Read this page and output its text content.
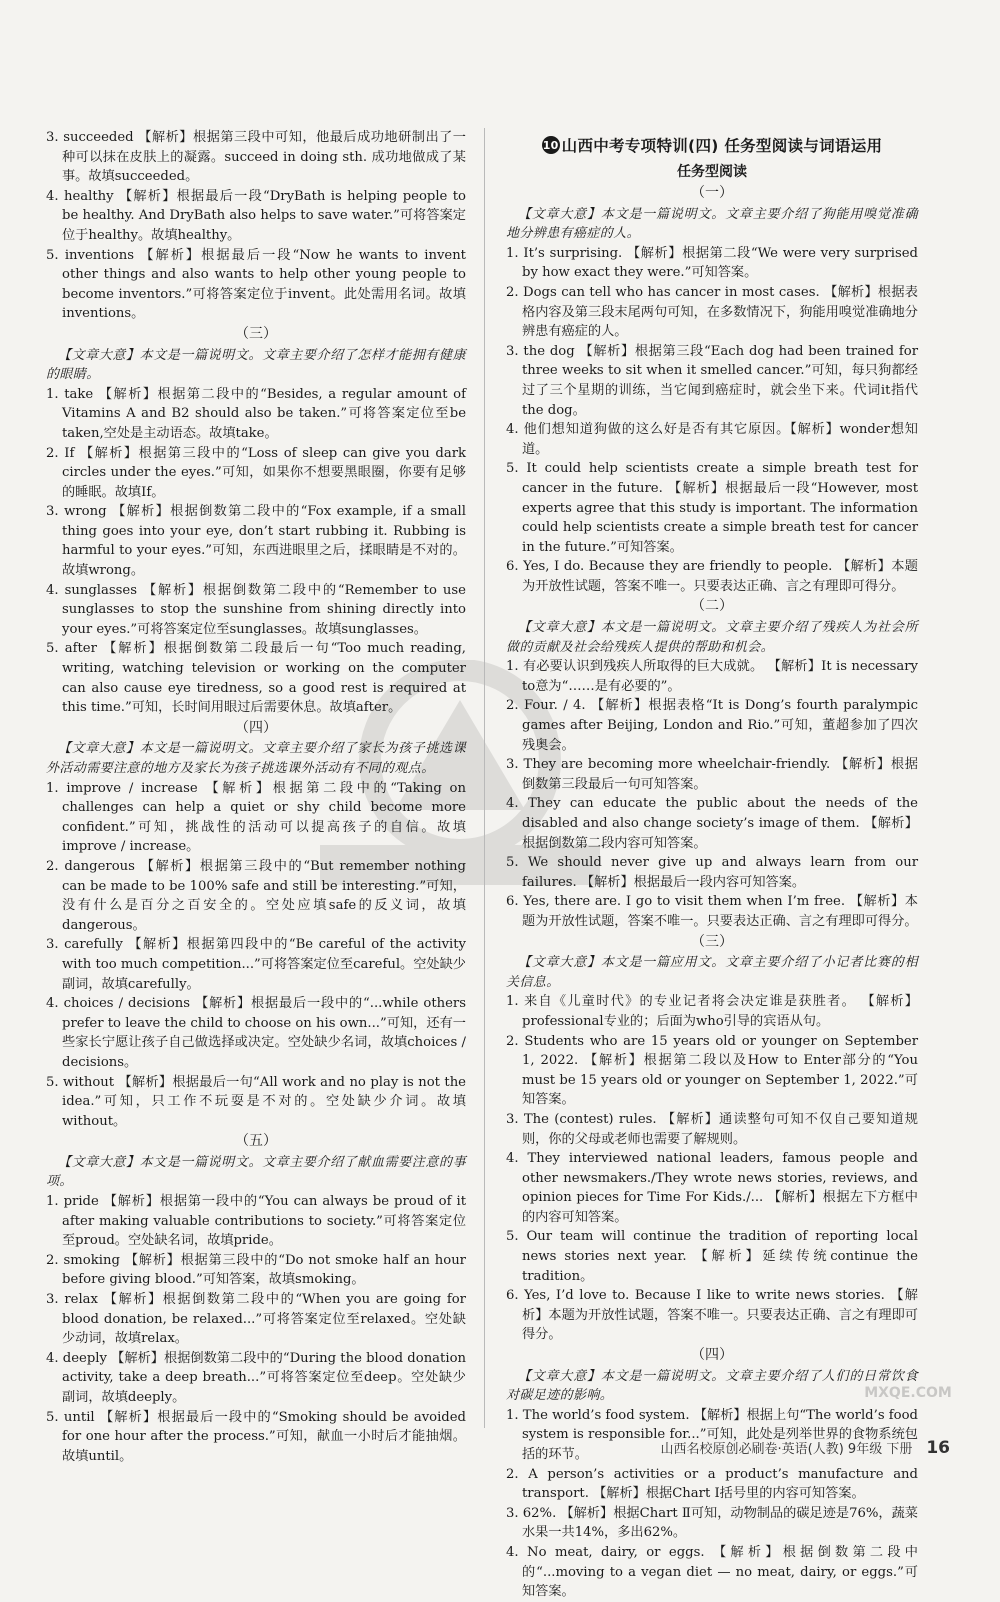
3. succeeded 【解析】根据第三段中可知，他最后成功地研制出了一种可以抹在皮肤上的凝露。succeed in doing sth. 成功地做成了某事。故填succeeded。

4. healthy 【解析】根据最后一段“DryBath is helping people to be healthy. And DryBath also helps to save water.”可将答案定位于healthy。故填healthy。

5. inventions 【解析】根据最后一段“Now he wants to invent other things and also wants to help other young people to become inventors.”可将答案定位于invent。此处需用名词。故填inventions。

（三）

【文章大意】本文是一篇说明文。文章主要介绍了怎样才能拥有健康的眼睛。

1. take 【解析】根据第二段中的“Besides, a regular amount of Vitamins A and B2 should also be taken.”可将答案定位至be taken,空处是主动语态。故填take。

2. If 【解析】根据第三段中的“Loss of sleep can give you dark circles under the eyes.”可知，如果你不想要黑眼圈，你要有足够的睡眠。故填If。

3. wrong 【解析】根据倒数第二段中的“Fox example, if a small thing goes into your eye, don’t start rubbing it. Rubbing is harmful to your eyes.”可知，东西进眼里之后，揉眼睛是不对的。故填wrong。

4. sunglasses 【解析】根据倒数第二段中的“Remember to use sunglasses to stop the sunshine from shining directly into your eyes.”可将答案定位至sunglasses。故填sunglasses。

5. after 【解析】根据倒数第二段最后一句“Too much reading, writing, watching television or working on the computer can also cause eye tiredness, so a good rest is required at this time.”可知，长时间用眼过后需要休息。故填after。

（四）

【文章大意】本文是一篇说明文。文章主要介绍了家长为孩子挑选课外活动需要注意的地方及家长为孩子挑选课外活动有不同的观点。

1. improve / increase 【解析】根据第二段中的“Taking on challenges can help a quiet or shy child become more confident.”可知，挑战性的活动可以提高孩子的自信。故填improve / increase。

2. dangerous 【解析】根据第三段中的“But remember nothing can be made to be 100% safe and still be interesting.”可知，没有什么是百分之百安全的。空处应填safe的反义词，故填dangerous。

3. carefully 【解析】根据第四段中的“Be careful of the activity with too much competition...”可将答案定位至careful。空处缺少副词，故填carefully。

4. choices / decisions 【解析】根据最后一段中的“...while others prefer to leave the child to choose on his own...”可知，还有一些家长宁愿让孩子自己做选择或决定。空处缺少名词，故填choices / decisions。

5. without 【解析】根据最后一句“All work and no play is not the idea.”可知，只工作不玩耍是不对的。空处缺少介词。故填without。

（五）

【文章大意】本文是一篇说明文。文章主要介绍了献血需要注意的事项。

1. pride 【解析】根据第一段中的“You can always be proud of it after making valuable contributions to society.”可将答案定位至proud。空处缺名词，故填pride。

2. smoking 【解析】根据第三段中的“Do not smoke half an hour before giving blood.”可知答案，故填smoking。

3. relax 【解析】根据倒数第二段中的“When you are going for blood donation, be relaxed...”可将答案定位至relaxed。空处缺少动词，故填relax。

4. deeply 【解析】根据倒数第二段中的“During the blood donation activity, take a deep breath...”可将答案定位至deep。空处缺少副词，故填deeply。

5. until 【解析】根据最后一段中的“Smoking should be avoided for one hour after the process.”可知，献血一小时后才能抽烟。故填until。

10 山西中考专项特训(四) 任务型阅读与词语运用
任务型阅读

（一）

【文章大意】本文是一篇说明文。文章主要介绍了狗能用嗅觉准确地分辨患有癌症的人。

1. It’s surprising. 【解析】根据第二段“We were very surprised by how exact they were.”可知答案。

2. Dogs can tell who has cancer in most cases. 【解析】根据表格内容及第三段末尾两句可知，在多数情况下，狗能用嗅觉准确地分辨患有癌症的人。

3. the dog 【解析】根据第三段“Each dog had been trained for three weeks to sit when it smelled cancer.”可知，每只狗都经过了三个星期的训练，当它闻到癌症时，就会坐下来。代词it指代the dog。

4. 他们想知道狗做的这么好是否有其它原因。【解析】wonder想知道。

5. It could help scientists create a simple breath test for cancer in the future. 【解析】根据最后一段“However, most experts agree that this study is important. The information could help scientists create a simple breath test for cancer in the future.”可知答案。

6. Yes, I do. Because they are friendly to people. 【解析】本题为开放性试题，答案不唯一。只要表达正确、言之有理即可得分。

（二）

【文章大意】本文是一篇说明文。文章主要介绍了残疾人为社会所做的贡献及社会给残疾人提供的帮助和机会。

1. 有必要认识到残疾人所取得的巨大成就。 【解析】It is necessary to意为“……是有必要的”。

2. Four. / 4. 【解析】根据表格“It is Dong’s fourth paralympic games after Beijing, London and Rio.”可知，董超参加了四次残奥会。

3. They are becoming more wheelchair-friendly. 【解析】根据倒数第三段最后一句可知答案。

4. They can educate the public about the needs of the disabled and also change society’s image of them. 【解析】根据倒数第二段内容可知答案。

5. We should never give up and always learn from our failures. 【解析】根据最后一段内容可知答案。

6. Yes, there are. I go to visit them when I’m free. 【解析】本题为开放性试题，答案不唯一。只要表达正确、言之有理即可得分。

（三）

【文章大意】本文是一篇应用文。文章主要介绍了小记者比赛的相关信息。

1. 来自《儿童时代》的专业记者将会决定谁是获胜者。 【解析】professional专业的；后面为who引导的宾语从句。

2. Students who are 15 years old or younger on September 1, 2022. 【解析】根据第二段以及How to Enter部分的“You must be 15 years old or younger on September 1, 2022.”可知答案。

3. The (contest) rules. 【解析】通读整句可知不仅自己要知道规则，你的父母或老师也需要了解规则。

4. They interviewed national leaders, famous people and other newsmakers./They wrote news stories, reviews, and opinion pieces for Time For Kids./... 【解析】根据左下方框中的内容可知答案。

5. Our team will continue the tradition of reporting local news stories next year. 【解析】延续传统continue the tradition。

6. Yes, I’d love to. Because I like to write news stories. 【解析】本题为开放性试题，答案不唯一。只要表达正确、言之有理即可得分。

（四）

【文章大意】本文是一篇说明文。文章主要介绍了人们的日常饮食对碳足迹的影响。

1. The world’s food system. 【解析】根据上句“The world’s food system is responsible for...”可知，此处是列举世界的食物系统包括的环节。

2. A person’s activities or a product’s manufacture and transport. 【解析】根据Chart Ⅰ括号里的内容可知答案。

3. 62%. 【解析】根据Chart Ⅱ可知，动物制品的碳足迹是76%，蔬菜水果一共14%，多出62%。

4. No meat, dairy, or eggs. 【解析】根据倒数第二段中的“...moving to a vegan diet — no meat, dairy, or eggs.”可知答案。

山西名校原创必刷卷·英语(人教) 9年级 下册 16
MXQE.COM
